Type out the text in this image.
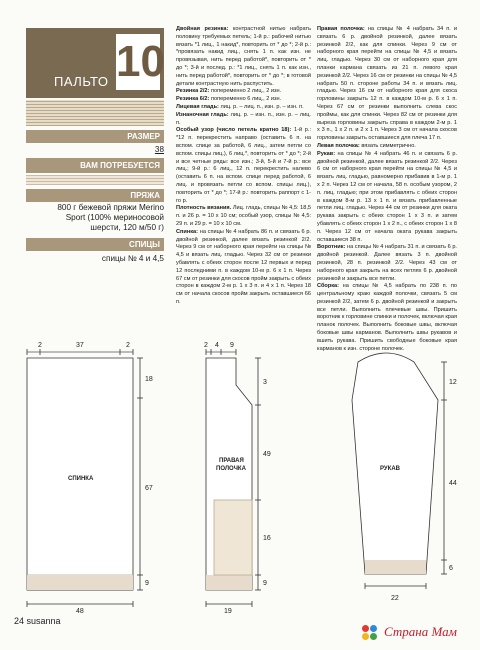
ПАЛЬТО 10
РАЗМЕР
38
ВАМ ПОТРЕБУЕТСЯ
ПРЯЖА
800 г бежевой пряжи Merino
Sport (100% мериносовой
шерсти, 120 м/50 г)
СПИЦЫ
спицы № 4 и 4,5

Двойная резинка: контрастной нитью набрать половину требуемых петель; 1-й р.: рабочей нитью вязать *1 лиц., 1 накид*, повторить от * до *; 2-й р.: *провязать накид лиц., снять 1 п. как изн. не провязывая, нить перед работой*, повторить от * до *; 3-й и послед. р.: *1 лиц., снять 1 п. как изн., нить перед работой*, повторить от * до *; в готовой детали контрастную нить распустить.

Резинка 2/2: попеременно 2 лиц., 2 изн.

Резинка 6/2: попеременно 6 лиц., 2 изн.

Лицевая гладь: лиц. р. – лиц. п., изн. р. – изн. п.

Изнаночная гладь: лиц. р. – изн. п., изн. р. – лиц. п.

Особый узор (число петель кратно 18): 1-й р.: *12 п. перекрестить направо (оставить 6 п. на вспом. спице за работой, 6 лиц., затем петли со вспом. спицы лиц.), 6 лиц.*, повторить от * до *; 2-й и все четные ряды: все изн.; 3-й, 5-й и 7-й р.: все лиц.; 9-й р.: 6 лиц., 12 п. перекрестить налево (оставить 6 п. на вспом. спице перед работой, 6 лиц. и провязать петли со вспом. спицы лиц.), повторить от * до *; 17-й р.: повторить раппорт с 1-го р.

Плотность вязания. Лиц. гладь, спицы № 4,5: 18,5 п. и 26 р. = 10 x 10 см; особый узор, спицы № 4,5: 29 п. и 29 р. = 10 x 10 см.

Спинка: на спицы № 4 набрать 86 п. и связать 6 р. двойной резинкой, далее вязать резинкой 2/2. Через 9 см от наборного края перейти на спицы № 4,5 и вязать лиц. гладью. Через 32 см от резинки убавлять с обеих сторон после 12 первых и перед 12 последними п. в каждом 10-м р. 6 x 1 п. Через 67 см от резинки для скосов пройм закрыть с обеих сторон в каждом 2-м р. 1 x 3 п. и 4 x 1 п. Через 18 см от начала скосов пройм закрыть оставшиеся 66 п.

Правая полочка: на спицы № 4 набрать 34 п. и связать 6 р. двойной резинкой, далее вязать резинкой 2/2, как для спинки. Через 9 см от наборного края перейти на спицы № 4,5 и вязать лиц. гладью. Через 30 см от наборного края для планки кармана связать из 21 п. левого края резинкой 2/2. Через 16 см от резинки на спицы № 4,5 набрать 50 п. стороне работы 34 п. и вязать лиц. гладью. Через 16 см от наборного края для скоса горловины закрыть 12 п. в каждом 10-м р. 6 x 1 п. Через 67 см от резинки выполнить слева скос проймы, как для спинки. Через 82 см от резинки для выреза горловины закрыть справа в каждом 2-м р. 1 x 3 п., 1 x 2 п. и 2 x 1 п. Через 3 см от начала скосов горловины закрыть оставшиеся для плеча 17 п.

Левая полочка: вязать симметрично.

Рукав: на спицы № 4 набрать 46 п. и связать 6 р. двойной резинкой, далее вязать резинкой 2/2. Через 6 см от наборного края перейти на спицы № 4,5 и вязать лиц. гладью, равномерно прибавив в 1-м р. 1 x 2 п. Через 12 см от начала, 58 п. особым узором, 2 п. лиц. гладью; при этом прибавлять с обеих сторон в каждом 8-м р. 13 x 1 п. и вязать прибавленные петли лиц. гладью. Через 44 см от резинки для оката рукава закрыть с обеих сторон 1 x 3 п. и затем убавлять с обеих сторон 1 x 2 п., с обеих сторон 1 x 8 п. Через 12 см от начала оката рукава закрыть оставшиеся 38 п.

Воротник: на спицы № 4 набрать 31 п. и связать 6 р. двойной резинкой. Далее вязать 3 п. двойной резинкой, 28 п. резинкой 2/2. Через 43 см от наборного края закрыть на всех петлях 6 р. двойной резинкой и закрыть все петли.

Сборка: на спицы № 4,5 набрать по 238 п. по центральному краю каждой полочки, связать 5 см резинкой 2/2, затем 6 р. двойной резинкой и закрыть все петли. Выполнить плечевые швы. Пришить воротник к горловине спинки и полочек, включая края планок полочек. Выполнить боковые швы, включая боковые швы карманов. Выполнить швы рукавов и вшить рукава. Пришить свободные боковые края карманов к изн. стороне полочек.

2	37	2
18
67
9
48
СПИНКА
2 4 9
3
49
16
9
19
ПРАВАЯ
ПОЛОЧКА
12
44
6
22
РУКАВ
24 susanna
Страна Мам
